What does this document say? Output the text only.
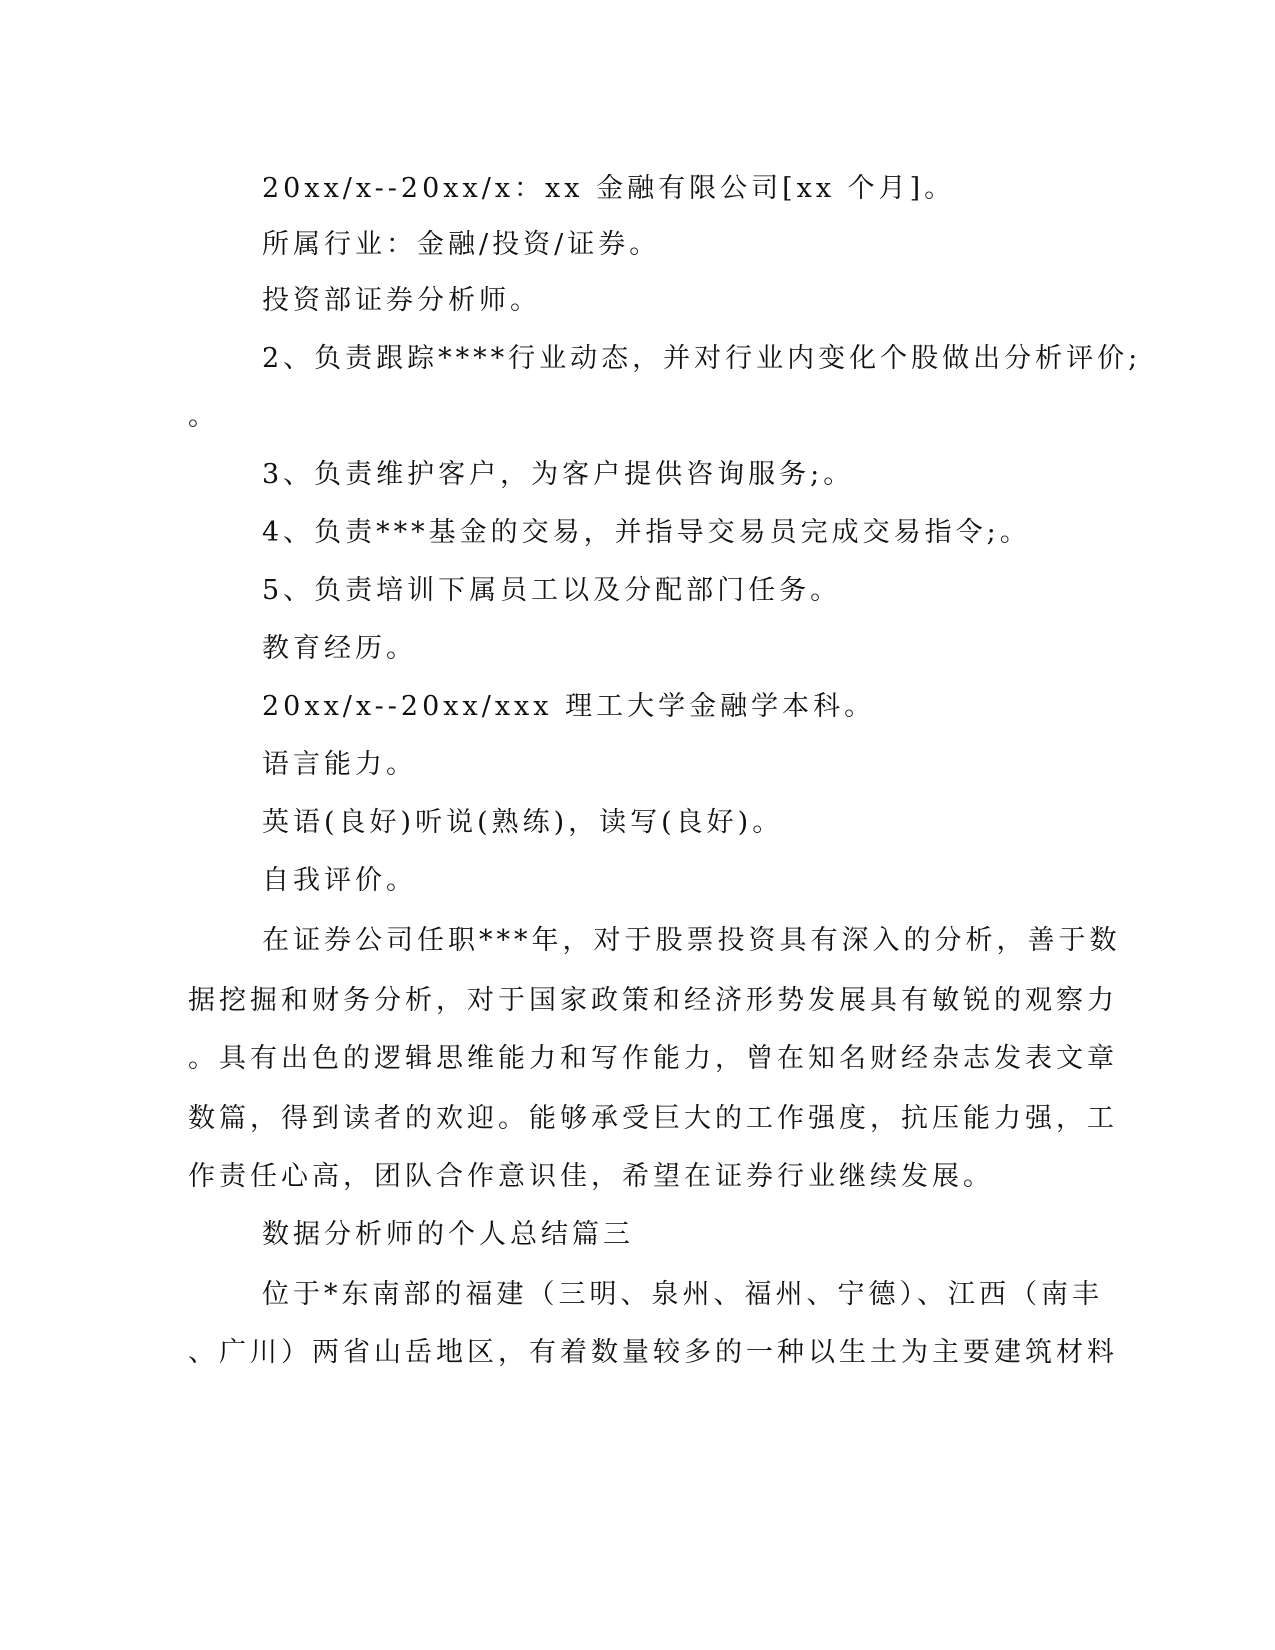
20xx/x--20xx/x：xx 金融有限公司[xx 个月]。
所属行业：金融/投资/证券。
投资部证券分析师。
2、负责跟踪****行业动态，并对行业内变化个股做出分析评价;
。
3、负责维护客户，为客户提供咨询服务;。
4、负责***基金的交易，并指导交易员完成交易指令;。
5、负责培训下属员工以及分配部门任务。
教育经历。
20xx/x--20xx/xxx 理工大学金融学本科。
语言能力。
英语(良好)听说(熟练)，读写(良好)。
自我评价。
在证券公司任职***年，对于股票投资具有深入的分析，善于数
据挖掘和财务分析，对于国家政策和经济形势发展具有敏锐的观察力
。具有出色的逻辑思维能力和写作能力，曾在知名财经杂志发表文章
数篇，得到读者的欢迎。能够承受巨大的工作强度，抗压能力强，工
作责任心高，团队合作意识佳，希望在证券行业继续发展。
数据分析师的个人总结篇三
位于*东南部的福建（三明、泉州、福州、宁德）、江西（南丰
、广川）两省山岳地区，有着数量较多的一种以生土为主要建筑材料
